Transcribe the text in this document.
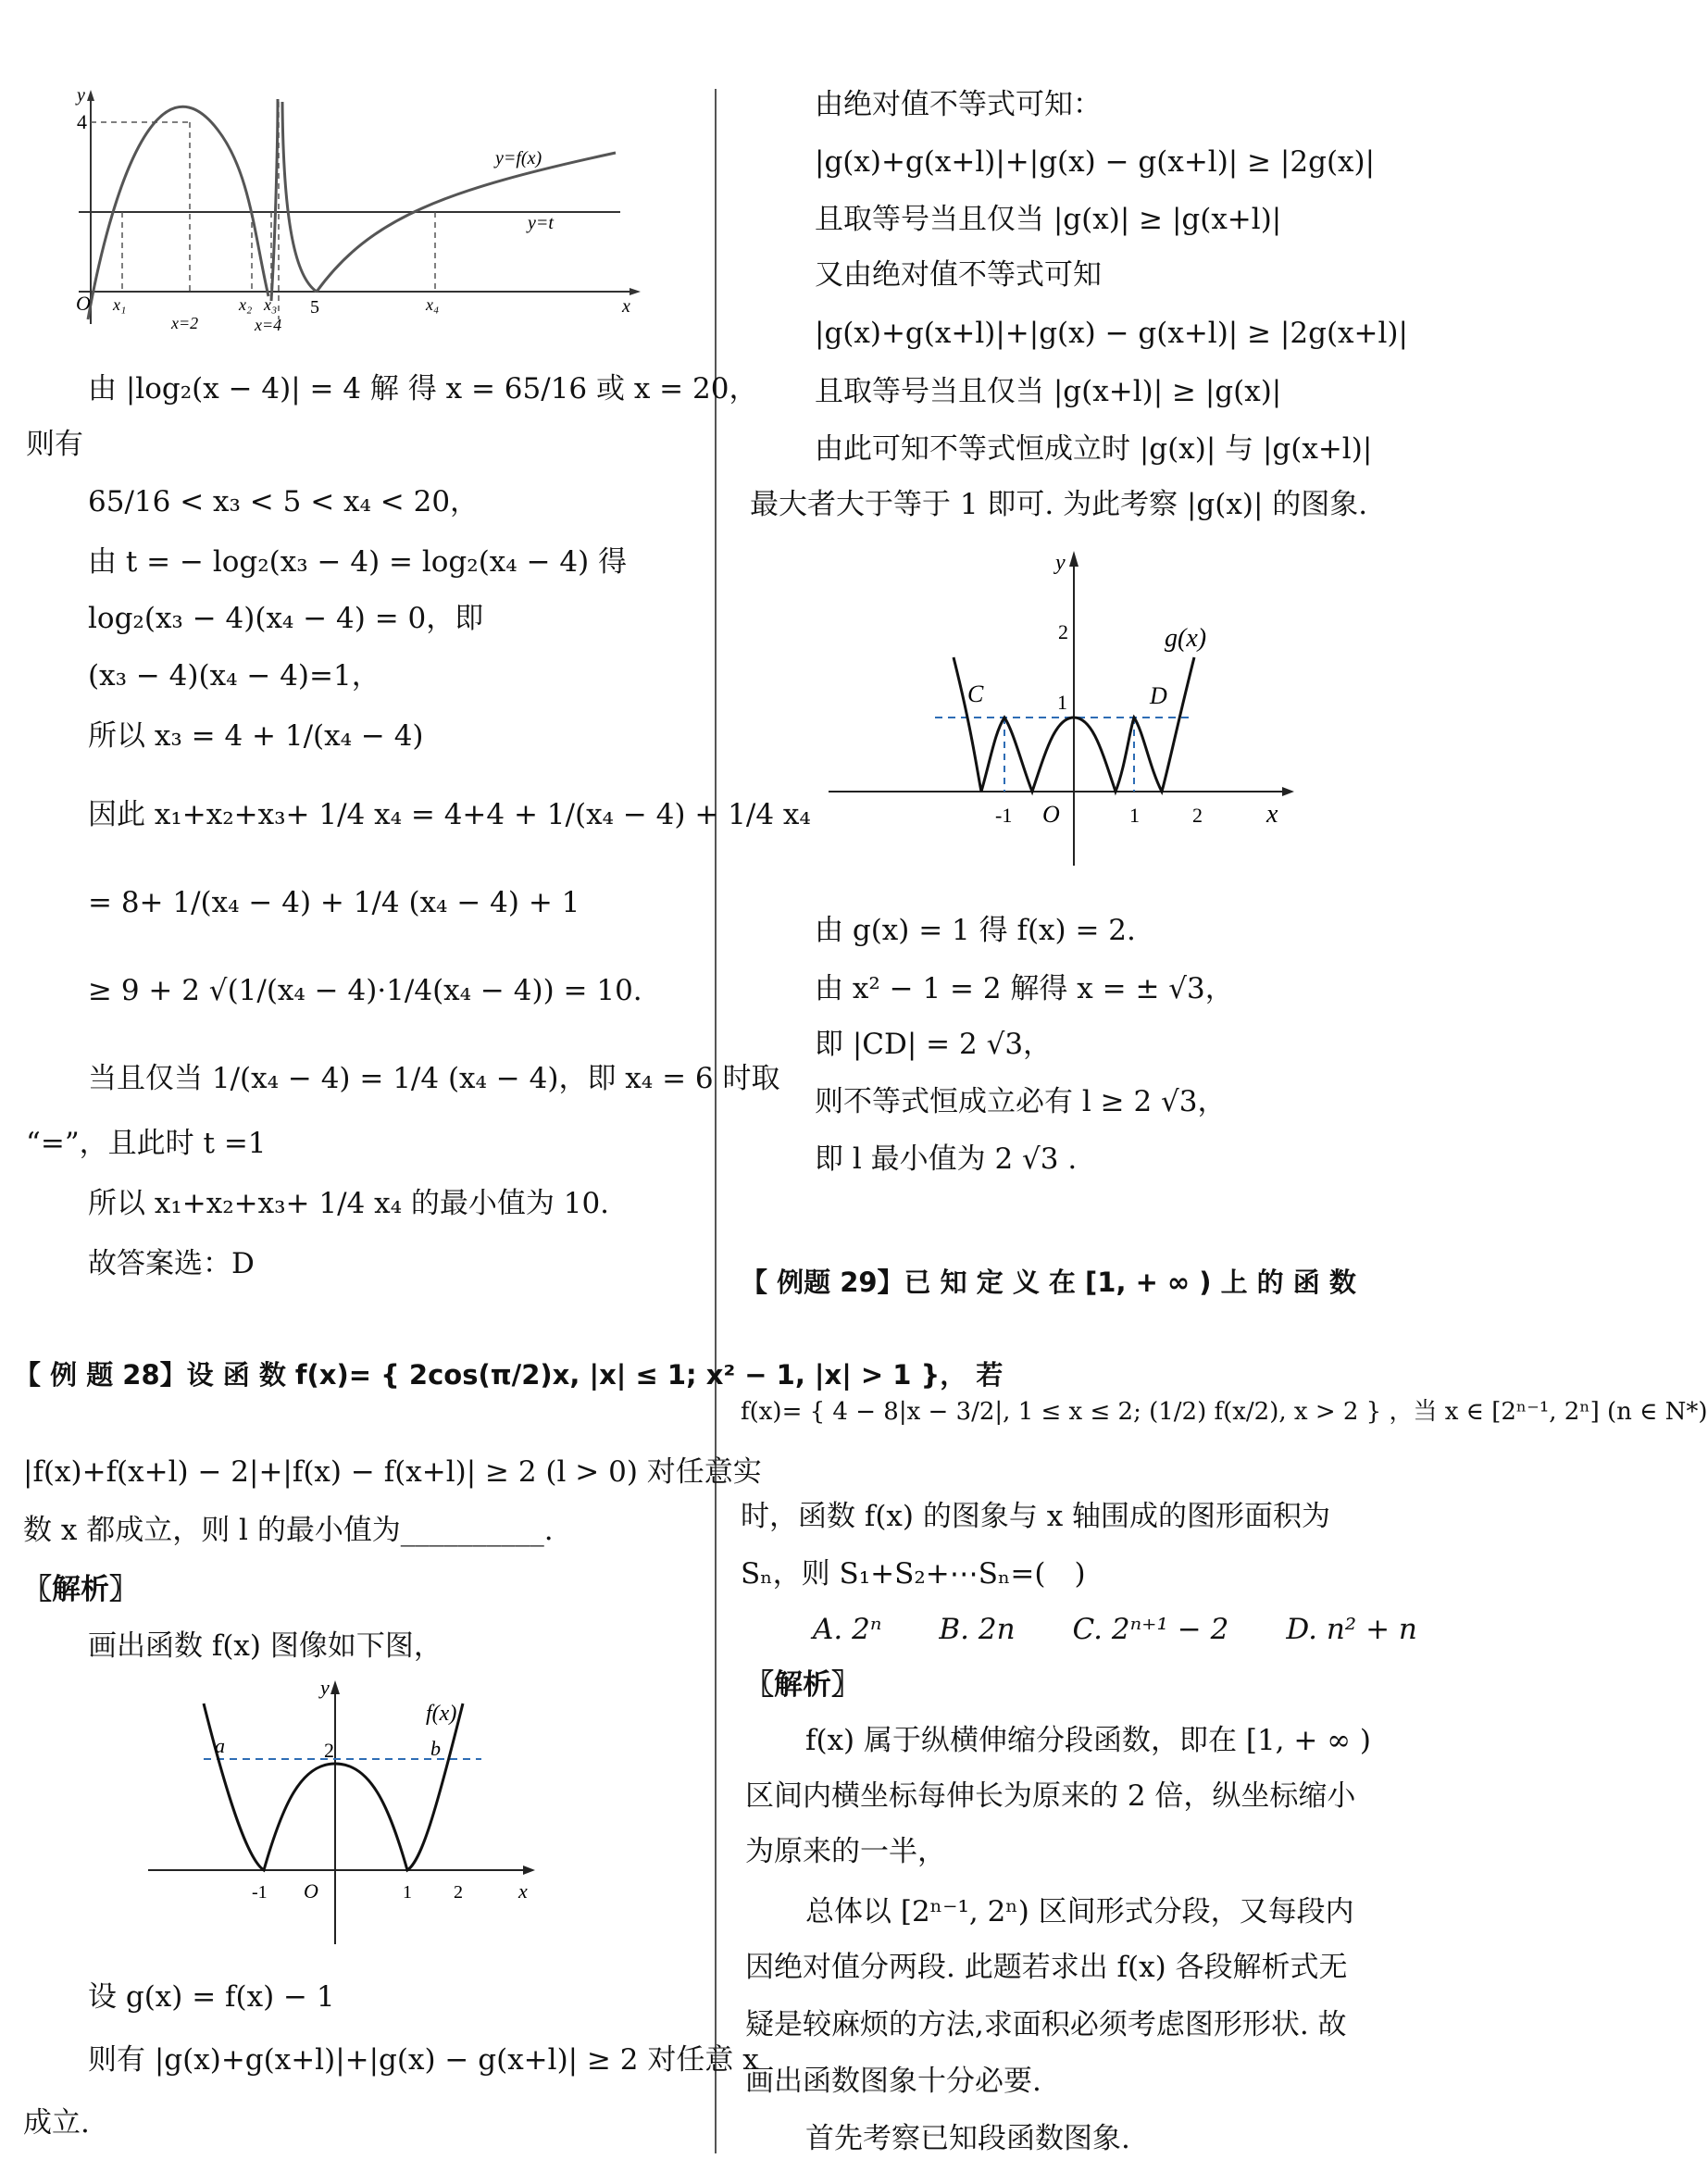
y
4
y=f(x)
y=t
O x₁
x=2
x₂ x₃
x=4
5	x₄	x
由 |log₂(x − 4)| = 4 解 得 x = 65/16 或 x = 20，
则有
65/16 < x₃ < 5 < x₄ < 20，
由 t = − log₂(x₃ − 4) = log₂(x₄ − 4) 得
log₂(x₃ − 4)(x₄ − 4) = 0，即
(x₃ − 4)(x₄ − 4)=1，
所以 x₃ = 4 + 1/(x₄ − 4)
因此 x₁+x₂+x₃+ 1/4 x₄ = 4+4 + 1/(x₄ − 4) + 1/4 x₄
= 8+ 1/(x₄ − 4) + 1/4 (x₄ − 4) + 1
≥ 9 + 2 √(1/(x₄ − 4)·1/4(x₄ − 4)) = 10.
当且仅当 1/(x₄ − 4) = 1/4 (x₄ − 4)，即 x₄ = 6 时取
“=”，且此时 t =1
所以 x₁+x₂+x₃+ 1/4 x₄ 的最小值为 10.
故答案选：D
【 例 题 28】设 函 数 f(x)= { 2cos(π/2)x, |x| ≤ 1; x² − 1, |x| > 1 }， 若
|f(x)+f(x+l) − 2|+|f(x) − f(x+l)| ≥ 2 (l > 0) 对任意实
数 x 都成立，则 l 的最小值为__________.
〖解析〗
画出函数 f(x) 图像如下图，
y
f(x)
a	2	b
-1 O	1 2	x
设 g(x) = f(x) − 1
则有 |g(x)+g(x+l)|+|g(x) − g(x+l)| ≥ 2 对任意 x
成立.
由绝对值不等式可知：
|g(x)+g(x+l)|+|g(x) − g(x+l)| ≥ |2g(x)|
且取等号当且仅当 |g(x)| ≥ |g(x+l)|
又由绝对值不等式可知
|g(x)+g(x+l)|+|g(x) − g(x+l)| ≥ |2g(x+l)|
且取等号当且仅当 |g(x+l)| ≥ |g(x)|
由此可知不等式恒成立时 |g(x)| 与 |g(x+l)|
最大者大于等于 1 即可. 为此考察 |g(x)| 的图象.
y
2	g(x)
C	1	D
-1 O	1	2 x
由 g(x) = 1 得 f(x) = 2.
由 x² − 1 = 2 解得 x = ± √3，
即 |CD| = 2 √3，
则不等式恒成立必有 l ≥ 2 √3，
即 l 最小值为 2 √3 .
【 例题 29】已 知 定 义 在 [1, + ∞ ) 上 的 函 数
f(x)= { 4 − 8|x − 3/2|, 1 ≤ x ≤ 2; (1/2) f(x/2), x > 2 } ，当 x ∈ [2ⁿ⁻¹, 2ⁿ] (n ∈ N*)
时，函数 f(x) 的图象与 x 轴围成的图形面积为
Sₙ，则 S₁+S₂+⋯Sₙ=(　)
A. 2ⁿ　　B. 2n　　C. 2ⁿ⁺¹ − 2　　D. n² + n
〖解析〗
f(x) 属于纵横伸缩分段函数，即在 [1, + ∞ )
区间内横坐标每伸长为原来的 2 倍，纵坐标缩小
为原来的一半，
总体以 [2ⁿ⁻¹, 2ⁿ) 区间形式分段，又每段内
因绝对值分两段. 此题若求出 f(x) 各段解析式无
疑是较麻烦的方法,求面积必须考虑图形形状. 故
画出函数图象十分必要.
首先考察已知段函数图象.
